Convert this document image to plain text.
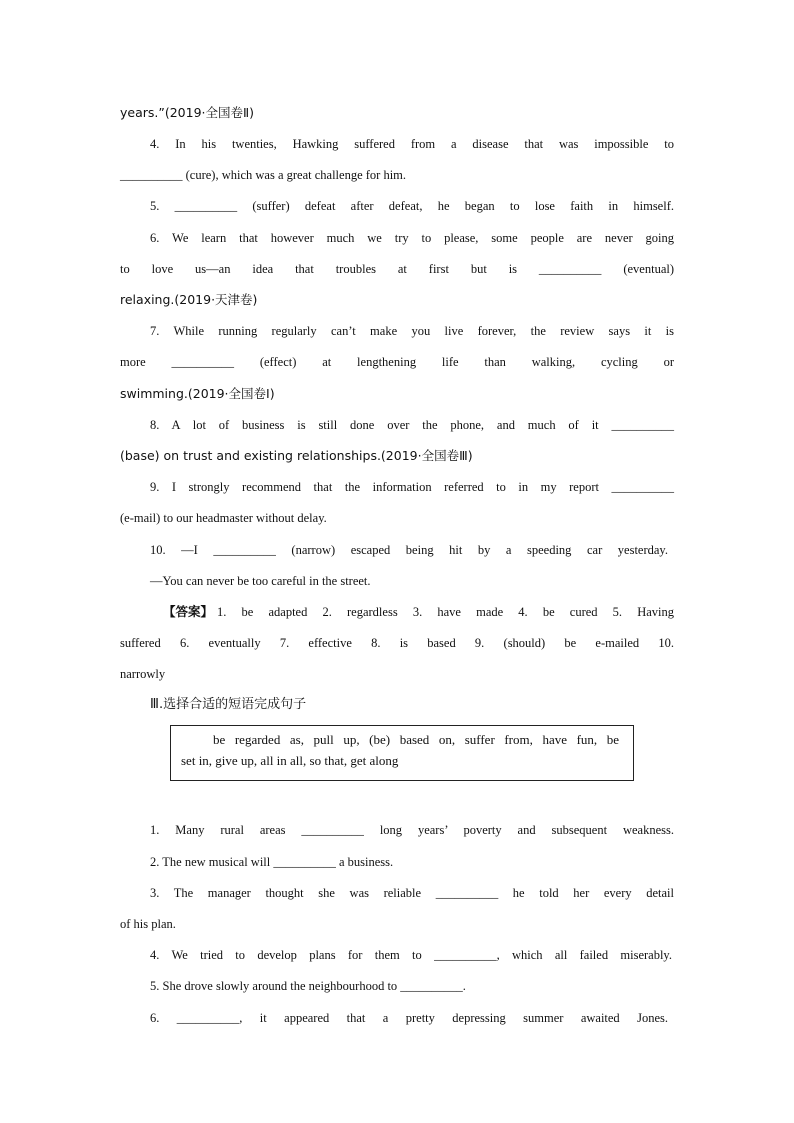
years.”(2019·全国卷Ⅱ)
4. In his twenties, Hawking suffered from a disease that was impossible to
__________ (cure), which was a great challenge for him.
5. __________ (suffer) defeat after defeat, he began to lose faith in himself.
6. We learn that however much we try to please, some people are never going
to love us—an idea that troubles at first but is __________ (eventual)
relaxing.(2019·天津卷)
7. While running regularly can’t make you live forever, the review says it is
more __________ (effect) at lengthening life than walking, cycling or
swimming.(2019·全国卷Ⅰ)
8. A lot of business is still done over the phone, and much of it __________
(base) on trust and existing relationships.(2019·全国卷Ⅲ)
9. I strongly recommend that the information referred to in my report __________
(e-mail) to our headmaster without delay.
10. —I __________ (narrow) escaped being hit by a speeding car yesterday.
—You can never be too careful in the street.
【答案】 1. be adapted 2. regardless 3. have made 4. be cured 5. Having
suffered 6. eventually 7. effective 8. is based 9. (should) be e-mailed 10.
narrowly
Ⅲ.选择合适的短语完成句子
be regarded as, pull up, (be) based on, suffer from, have fun, be
set in, give up, all in all, so that, get along
1. Many rural areas __________ long years’ poverty and subsequent weakness.
2. The new musical will __________ a business.
3. The manager thought she was reliable __________ he told her every detail
of his plan.
4. We tried to develop plans for them to __________, which all failed miserably.
5. She drove slowly around the neighbourhood to __________.
6. __________, it appeared that a pretty depressing summer awaited Jones.
